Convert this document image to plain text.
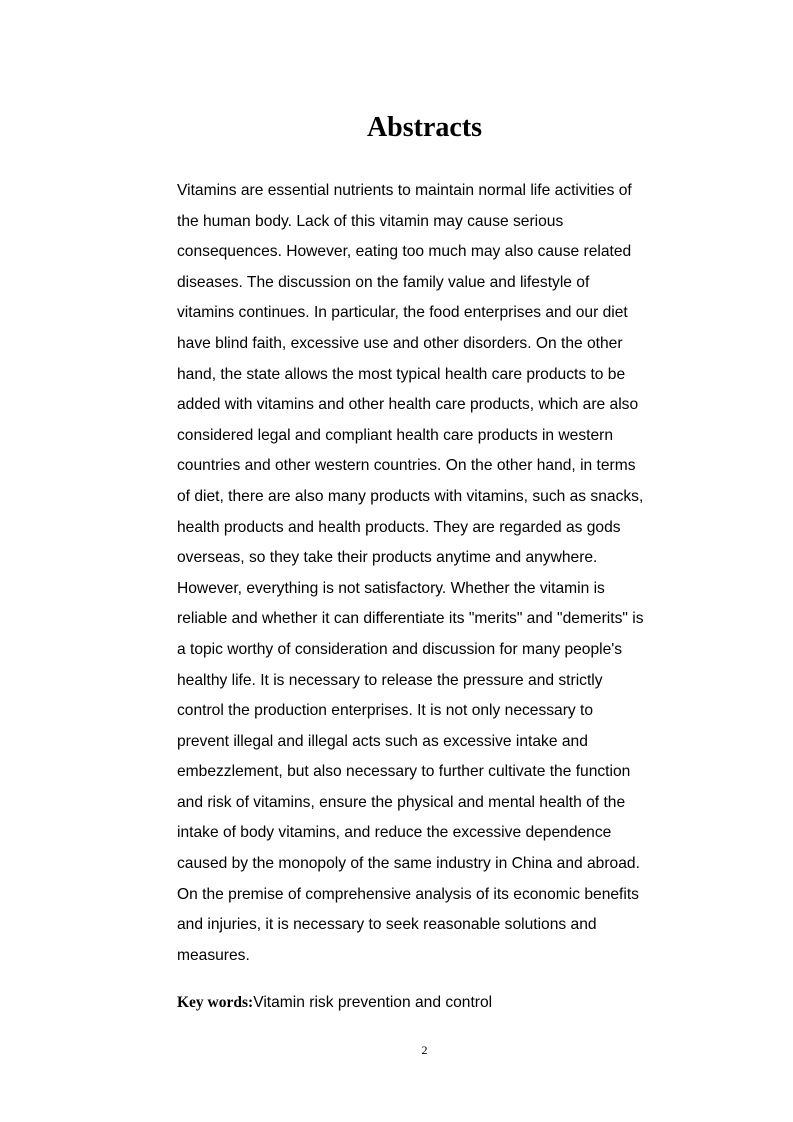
Abstracts
Vitamins are essential nutrients to maintain normal life activities of
the human body. Lack of this vitamin may cause serious
consequences. However, eating too much may also cause related
diseases. The discussion on the family value and lifestyle of
vitamins continues. In particular, the food enterprises and our diet
have blind faith, excessive use and other disorders. On the other
hand, the state allows the most typical health care products to be
added with vitamins and other health care products, which are also
considered legal and compliant health care products in western
countries and other western countries. On the other hand, in terms
of diet, there are also many products with vitamins, such as snacks,
health products and health products. They are regarded as gods
overseas, so they take their products anytime and anywhere.
However, everything is not satisfactory. Whether the vitamin is
reliable and whether it can differentiate its "merits" and "demerits" is
a topic worthy of consideration and discussion for many people's
healthy life. It is necessary to release the pressure and strictly
control the production enterprises. It is not only necessary to
prevent illegal and illegal acts such as excessive intake and
embezzlement, but also necessary to further cultivate the function
and risk of vitamins, ensure the physical and mental health of the
intake of body vitamins, and reduce the excessive dependence
caused by the monopoly of the same industry in China and abroad.
On the premise of comprehensive analysis of its economic benefits
and injuries, it is necessary to seek reasonable solutions and
measures.

Key words:Vitamin risk prevention and control

2
